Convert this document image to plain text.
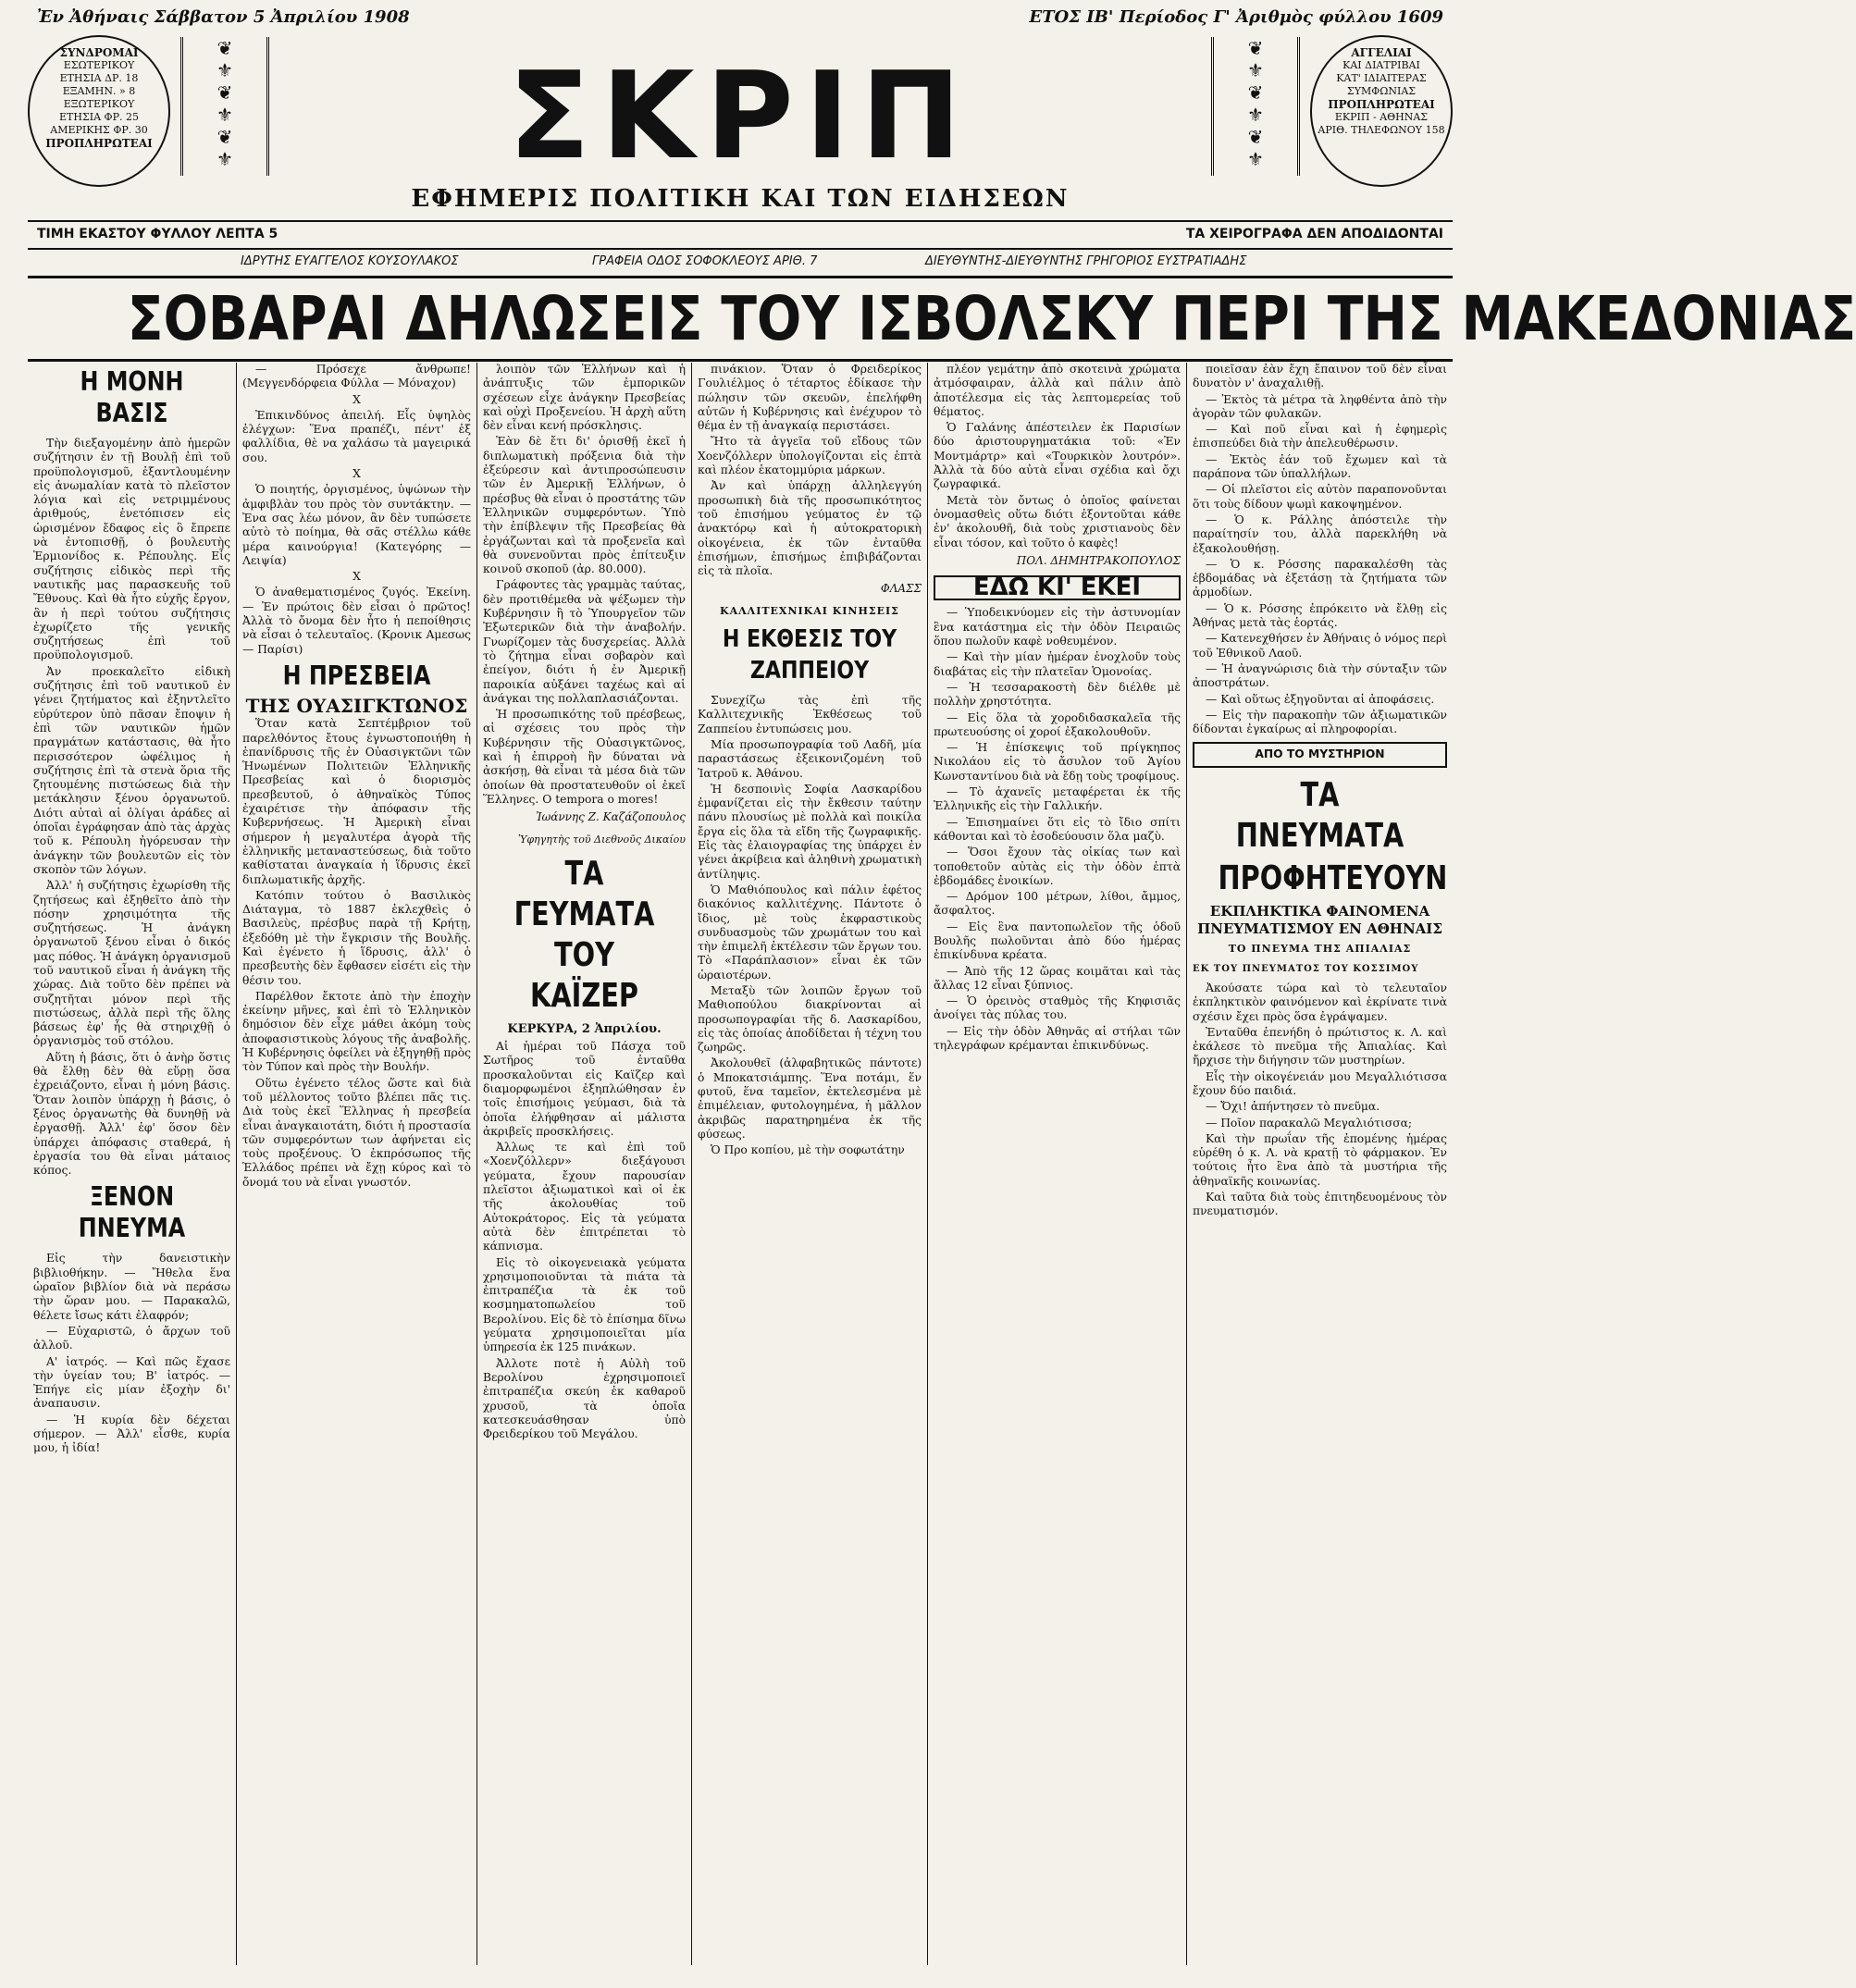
Ἐν Ἀθήναις Σάββατον 5 Ἀπριλίου 1908	ΕΤΟΣ ΙΒ' Περίοδος Γ' Ἀριθμὸς φύλλου 1609
ΣΥΝΔΡΟΜΑΙ
ΕΣΩΤΕΡΙΚΟΥ
ΕΤΗΣΙΑ ΔΡ. 18
ΕΞΑΜΗΝ. » 8
ΕΞΩΤΕΡΙΚΟΥ
ΕΤΗΣΙΑ ΦΡ. 25
ΑΜΕΡΙΚΗΣ ΦΡ. 30
ΠΡΟΠΛΗΡΩΤΕΑΙ
❦
⚜
❦
⚜
❦
⚜
❦
⚜
❦
⚜
❦
⚜
ΑΓΓΕΛΙΑΙ
ΚΑΙ ΔΙΑΤΡΙΒΑΙ
ΚΑΤ' ΙΔΙΑΙΤΕΡΑΣ
ΣΥΜΦΩΝΙΑΣ
ΠΡΟΠΛΗΡΩΤΕΑΙ
ΕΚΡΙΠ - ΑΘΗΝΑΣ
ΑΡΙΘ. ΤΗΛΕΦΩΝΟΥ 158
ΣΚΡΙΠ
ΕΦΗΜΕΡΙΣ ΠΟΛΙΤΙΚΗ ΚΑΙ ΤΩΝ ΕΙΔΗΣΕΩΝ
ΤΙΜΗ ΕΚΑΣΤΟΥ ΦΥΛΛΟΥ ΛΕΠΤΑ 5	ΤΑ ΧΕΙΡΟΓΡΑΦΑ ΔΕΝ ΑΠΟΔΙΔΟΝΤΑΙ
ΙΔΡΥΤΗΣ ΕΥΑΓΓΕΛΟΣ ΚΟΥΣΟΥΛΑΚΟΣ	ΓΡΑΦΕΙΑ ΟΔΟΣ ΣΟΦΟΚΛΕΟΥΣ ΑΡΙΘ. 7	ΔΙΕΥΘΥΝΤΗΣ-ΔΙΕΥΘΥΝΤΗΣ ΓΡΗΓΟΡΙΟΣ ΕΥΣΤΡΑΤΙΑΔΗΣ
ΣΟΒΑΡΑΙ ΔΗΛΩΣΕΙΣ ΤΟΥ ΙΣΒΟΛΣΚΥ ΠΕΡΙ ΤΗΣ ΜΑΚΕΔΟΝΙΑΣ
Η ΜΟΝΗ ΒΑΣΙΣ

Τὴν διεξαγομένην ἀπὸ ἡμερῶν συζήτησιν ἐν τῇ Βουλῇ ἐπὶ τοῦ προϋπολογισμοῦ, ἐξαντλουμένην εἰς ἀνωμαλίαν κατὰ τὸ πλεῖστον λόγια καὶ εἰς νετριμμένους ἀριθμούς, ἐνετόπισεν εἰς ὡρισμένον ἔδαφος εἰς ὃ ἔπρεπε νὰ ἐντοπισθῇ, ὁ βουλευτὴς Ἑρμιονίδος κ. Ρέπουλης. Εἷς συζήτησις εἰδικὸς περὶ τῆς ναυτικῆς μας παρασκευῆς τοῦ Ἔθνους. Καὶ θὰ ἦτο εὐχῆς ἔργον, ἂν ἡ περὶ τούτου συζήτησις ἐχωρίζετο τῆς γενικῆς συζητήσεως ἐπὶ τοῦ προϋπολογισμοῦ.

Ἀν προεκαλεῖτο εἰδικὴ συζήτησις ἐπὶ τοῦ ναυτικοῦ ἐν γένει ζητήματος καὶ ἐξηντλεῖτο εὐρύτερον ὑπὸ πᾶσαν ἔποψιν ἡ ἐπὶ τῶν ναυτικῶν ἡμῶν πραγμάτων κατάστασις, θὰ ἦτο περισσότερον ὠφέλιμος ἡ συζήτησις ἐπὶ τὰ στενὰ ὅρια τῆς ζητουμένης πιστώσεως διὰ τὴν μετάκλησιν ξένου ὀργανωτοῦ. Διότι αὐταὶ αἱ ὀλίγαι ἀράδες αἱ ὁποῖαι ἐγράφησαν ἀπὸ τὰς ἀρχὰς τοῦ κ. Ρέπουλη ἠγόρευσαν τὴν ἀνάγκην τῶν βουλευτῶν εἰς τὸν σκοπὸν τῶν λόγων.

Ἀλλ' ἡ συζήτησις ἐχωρίσθη τῆς ζητήσεως καὶ ἐξηθεῖτο ἀπὸ τὴν πόσην χρησιμότητα τῆς συζητήσεως. Ἡ ἀνάγκη ὀργανωτοῦ ξένου εἶναι ὁ δικός μας πόθος. Ἡ ἀνάγκη ὀργανισμοῦ τοῦ ναυτικοῦ εἶναι ἡ ἀνάγκη τῆς χώρας. Διὰ τοῦτο δὲν πρέπει νὰ συζητῆται μόνον περὶ τῆς πιστώσεως, ἀλλὰ περὶ τῆς ὅλης βάσεως ἐφ' ἧς θὰ στηριχθῇ ὁ ὀργανισμὸς τοῦ στόλου.

Αὕτη ἡ βάσις, ὅτι ὁ ἀνὴρ ὅστις θὰ ἔλθῃ δὲν θὰ εὕρῃ ὅσα ἐχρειάζοντο, εἶναι ἡ μόνη βάσις. Ὅταν λοιπὸν ὑπάρχῃ ἡ βάσις, ὁ ξένος ὀργανωτὴς θὰ δυνηθῇ νὰ ἐργασθῇ. Ἀλλ' ἐφ' ὅσον δὲν ὑπάρχει ἀπόφασις σταθερά, ἡ ἐργασία του θὰ εἶναι μάταιος κόπος.

ΞΕΝΟΝ ΠΝΕΥΜΑ

Εἰς τὴν δανειστικὴν βιβλιοθήκην. — Ἤθελα ἕνα ὡραῖον βιβλίον διὰ νὰ περάσω τὴν ὥραν μου. — Παρακαλῶ, θέλετε ἴσως κάτι ἐλαφρόν;

— Εὐχαριστῶ, ὁ ἄρχων τοῦ ἀλλοῦ.

Α' ἰατρός. — Καὶ πῶς ἔχασε τὴν ὑγείαν του; Β' ἰατρός. — Ἐπήγε εἰς μίαν ἐξοχὴν δι' ἀναπαυσιν.

— Ἡ κυρία δὲν δέχεται σήμερον. — Ἀλλ' εἶσθε, κυρία μου, ἡ ἰδία!

— Πρόσεχε ἄνθρωπε! (Μεγγενδόρφεια Φύλλα — Μόναχον)

X

Ἐπικινδύνος ἀπειλή. Εἷς ὑψηλὸς ἐλέγχων: Ἕνα πραπέζι, πέντ' ἐξ φαλλίδια, θὲ να χαλάσω τὰ μαγειρικά σου.

X

Ὁ ποιητής, ὀργισμένος, ὑψώνων τὴν ἀμφιβλὰν του πρὸς τὸν συντάκτην. — Ἐνα σας λέω μόνον, ἂν δὲν τυπώσετε αὐτὸ τὸ ποίημα, θὰ σᾶς στέλλω κάθε μέρα καινούργια! (Κατεγόρης — Λειψία)

X

Ὁ ἀναθεματισμένος ζυγός. Ἐκείνη. — Ἐν πρώτοις δὲν εἶσαι ὁ πρῶτος! Ἀλλὰ τὸ ὄνομα δὲν ἦτο ἡ πεποίθησις νὰ εἶσαι ὁ τελευταῖος. (Κρονικ Αμεσως — Παρίσι)

Η ΠΡΕΣΒΕΙΑ
ΤΗΣ ΟΥΑΣΙΓΚΤΩΝΟΣ

Ὅταν κατὰ Σεπτέμβριον τοῦ παρελθόντος ἔτους ἐγνωστοποιήθη ἡ ἐπανίδρυσις τῆς ἐν Οὐασιγκτῶνι τῶν Ἡνωμένων Πολιτειῶν Ἑλληνικῆς Πρεσβείας καὶ ὁ διορισμὸς πρεσβευτοῦ, ὁ ἀθηναϊκὸς Τύπος ἐχαιρέτισε τὴν ἀπόφασιν τῆς Κυβερνήσεως. Ἡ Ἀμερικὴ εἶναι σήμερον ἡ μεγαλυτέρα ἀγορὰ τῆς ἑλληνικῆς μεταναστεύσεως, διὰ τοῦτο καθίσταται ἀναγκαία ἡ ἵδρυσις ἐκεῖ διπλωματικῆς ἀρχῆς.

Κατόπιν τούτου ὁ Βασιλικὸς Διάταγμα, τὸ 1887 ἐκλεχθεὶς ὁ Βασιλεὺς, πρέσβυς παρὰ τῇ Κρήτῃ, ἐξεδόθη μὲ τὴν ἔγκρισιν τῆς Βουλῆς. Καὶ ἐγένετο ἡ ἵδρυσις, ἀλλ' ὁ πρεσβευτὴς δὲν ἔφθασεν εἰσέτι εἰς τὴν θέσιν του.

Παρέλθον ἔκτοτε ἀπὸ τὴν ἐποχὴν ἐκείνην μῆνες, καὶ ἐπὶ τὸ Ἑλληνικὸν δημόσιον δὲν εἶχε μάθει ἀκόμη τοὺς ἀποφασιστικοὺς λόγους τῆς ἀναβολῆς. Ἡ Κυβέρνησις ὀφείλει νὰ ἐξηγηθῇ πρὸς τὸν Τύπον καὶ πρὸς τὴν Βουλήν.

Οὕτω ἐγένετο τέλος ὥστε καὶ διὰ τοῦ μέλλοντος τοῦτο βλέπει πᾶς τις. Διὰ τοὺς ἐκεῖ Ἕλληνας ἡ πρεσβεία εἶναι ἀναγκαιοτάτη, διότι ἡ προστασία τῶν συμφερόντων των ἀφήνεται εἰς τοὺς προξένους. Ὁ ἐκπρόσωπος τῆς Ἑλλάδος πρέπει νὰ ἔχῃ κύρος καὶ τὸ ὄνομά του νὰ εἶναι γνωστόν.

λοιπὸν τῶν Ἑλλήνων καὶ ἡ ἀνάπτυξις τῶν ἐμπορικῶν σχέσεων εἶχε ἀνάγκην Πρεσβείας καὶ οὐχὶ Προξενείου. Ἡ ἀρχὴ αὕτη δὲν εἶναι κενή πρόσκλησις.

Ἐὰν δὲ ἔτι δι' ὁρισθῇ ἐκεῖ ἡ διπλωματικὴ πρόξενια διὰ τὴν ἐξεύρεσιν καὶ ἀντιπροσώπευσιν τῶν ἐν Ἀμερικῇ Ἑλλήνων, ὁ πρέσβυς θὰ εἶναι ὁ προστάτης τῶν Ἑλληνικῶν συμφερόντων. Ὑπὸ τὴν ἐπίβλεψιν τῆς Πρεσβείας θὰ ἐργάζωνται καὶ τὰ προξενεῖα καὶ θὰ συνενοῦνται πρὸς ἐπίτευξιν κοινοῦ σκοποῦ (ἀρ. 80.000).

Γράφοντες τὰς γραμμὰς ταύτας, δὲν προτιθέμεθα νὰ ψέξωμεν τὴν Κυβέρνησιν ἢ τὸ Ὑπουργεῖον τῶν Ἐξωτερικῶν διὰ τὴν ἀναβολήν. Γνωρίζομεν τὰς δυσχερείας. Ἀλλὰ τὸ ζήτημα εἶναι σοβαρὸν καὶ ἐπείγον, διότι ἡ ἐν Ἀμερικῇ παροικία αὐξάνει ταχέως καὶ αἱ ἀνάγκαι της πολλαπλασιάζονται.

Ἡ προσωπικότης τοῦ πρέσβεως, αἱ σχέσεις του πρὸς τὴν Κυβέρνησιν τῆς Οὐασιγκτῶνος, καὶ ἡ ἐπιρροὴ ἣν δύναται νὰ ἀσκήσῃ, θὰ εἶναι τὰ μέσα διὰ τῶν ὁποίων θὰ προστατευθοῦν οἱ ἐκεῖ Ἕλληνες. O tempora o mores!

Ἰωάννης Ζ. Καζάζοπουλος
Ὑφηγητὴς τοῦ Διεθνοῦς Δικαίου
ΤΑ ΓΕΥΜΑΤΑ
ΤΟΥ ΚΑΪΖΕΡ
ΚΕΡΚΥΡΑ, 2 Ἀπριλίου.

Αἱ ἡμέραι τοῦ Πάσχα τοῦ Σωτῆρος τοῦ ἐνταῦθα προσκαλοῦνται εἰς Καϊζερ καὶ διαμορφωμένοι ἐξηπλώθησαν ἐν τοῖς ἐπισήμοις γεύμασι, διὰ τὰ ὁποῖα ἐλήφθησαν αἱ μάλιστα ἀκριβεῖς προσκλήσεις.

Ἀλλως τε καὶ ἐπὶ τοῦ «Χοενζόλλερν» διεξάγουσι γεύματα, ἔχουν παρουσίαν πλεῖστοι ἀξιωματικοὶ καὶ οἱ ἐκ τῆς ἀκολουθίας τοῦ Αὐτοκράτορος. Εἰς τὰ γεύματα αὐτὰ δὲν ἐπιτρέπεται τὸ κάπνισμα.

Εἰς τὸ οἰκογενειακὰ γεύματα χρησιμοποιοῦνται τὰ πιάτα τὰ ἐπιτραπέζια τὰ ἐκ τοῦ κοσμηματοπωλείου τοῦ Βερολίνου. Εἰς δὲ τὸ ἐπίσημα δῖνω γεύματα χρησιμοποιεῖται μία ὑπηρεσία ἐκ 125 πινάκων.

Ἀλλοτε ποτὲ ἡ Αὐλὴ τοῦ Βερολίνου ἐχρησιμοποιεῖ ἐπιτραπέζια σκεύη ἐκ καθαροῦ χρυσοῦ, τὰ ὁποῖα κατεσκευάσθησαν ὑπὸ Φρειδερίκου τοῦ Μεγάλου.

πινάκιον. Ὅταν ὁ Φρειδερίκος Γουλιέλμος ὁ τέταρτος ἐδίκασε τὴν πώλησιν τῶν σκευῶν, ἐπελήφθη αὐτῶν ἡ Κυβέρνησις καὶ ἐνέχυρον τὸ θέμα ἐν τῇ ἀναγκαίᾳ περιστάσει.

Ἤτο τὰ ἀγγεῖα τοῦ εἴδους τῶν Χοενζόλλερν ὑπολογίζονται εἰς ἑπτὰ καὶ πλέον ἑκατομμύρια μάρκων.

Ἀν καὶ ὑπάρχῃ ἀλληλεγγύη προσωπικὴ διὰ τῆς προσωπικότητος τοῦ ἐπισήμου γεύματος ἐν τῷ ἀνακτόρῳ καὶ ἡ αὐτοκρατορικὴ οἰκογένεια, ἐκ τῶν ἐνταῦθα ἐπισήμων, ἐπισήμως ἐπιβιβάζονται εἰς τὰ πλοῖα.

ΦΛΑΣΣ
ΚΑΛΛΙΤΕΧΝΙΚΑΙ ΚΙΝΗΣΕΙΣ
Η ΕΚΘΕΣΙΣ ΤΟΥ ΖΑΠΠΕΙΟΥ

Συνεχίζω τὰς ἐπὶ τῆς Καλλιτεχνικῆς Ἐκθέσεως τοῦ Ζαππείου ἐντυπώσεις μου.

Μία προσωπογραφία τοῦ Λαδῆ, μία παραστάσεως ἐξεικονιζομένη τοῦ Ἰατροῦ κ. Ἀθάνου.

Ἡ δεσποινὶς Σοφία Λασκαρίδου ἐμφανίζεται εἰς τὴν ἔκθεσιν ταύτην πάνυ πλουσίως μὲ πολλὰ καὶ ποικίλα ἔργα εἰς ὅλα τὰ εἴδη τῆς ζωγραφικῆς. Εἰς τὰς ἐλαιογραφίας της ὑπάρχει ἐν γένει ἀκρίβεια καὶ ἀληθινὴ χρωματικὴ ἀντίληψις.

Ὁ Μαθιόπουλος καὶ πάλιν ἐφέτος διακόνιος καλλιτέχνης. Πάντοτε ὁ ἴδιος, μὲ τοὺς ἐκφραστικοὺς συνδυασμοὺς τῶν χρωμάτων του καὶ τὴν ἐπιμελῆ ἐκτέλεσιν τῶν ἔργων του. Τὸ «Παράπλασιον» εἶναι ἐκ τῶν ὡραιοτέρων.

Μεταξὺ τῶν λοιπῶν ἔργων τοῦ Μαθιοπούλου διακρίνονται αἱ προσωπογραφίαι τῆς δ. Λασκαρίδου, εἰς τὰς ὁποίας ἀποδίδεται ἡ τέχνη του ζωηρῶς.

Ἀκολουθεῖ (ἀλφαβητικῶς πάντοτε) ὁ Μποκατσιάμπης. Ἕνα ποτάμι, ἕν φυτοῦ, ἕνα ταμεῖον, ἐκτελεσμένα μὲ ἐπιμέλειαν, φυτολογημένα, ἡ μᾶλλον ἀκριβῶς παρατηρημένα ἐκ τῆς φύσεως.

Ὁ Προ κοπίου, μὲ τὴν σοφωτάτην

πλέον γεμάτην ἀπὸ σκοτεινὰ χρώματα ἀτμόσφαιραν, ἀλλὰ καὶ πάλιν ἀπὸ ἀποτέλεσμα εἰς τὰς λεπτομερείας τοῦ θέματος.

Ὁ Γαλάνης ἀπέστειλεν ἐκ Παρισίων δύο ἀριστουργηματάκια τοῦ: «Ἐν Μοντμάρτρ» καὶ «Τουρκικὸν λουτρόν». Ἀλλὰ τὰ δύο αὐτὰ εἶναι σχέδια καὶ ὄχι ζωγραφικά.

Μετὰ τὸν ὄντως ὁ ὁποῖος φαίνεται ὀνομασθεὶς οὕτω διότι ἐξοντοῦται κάθε ἐν' ἀκολουθῆ, διὰ τοὺς χριστιανοὺς δὲν εἶναι τόσον, καὶ τοῦτο ὁ καφὲς!

ΠΟΛ. ΔΗΜΗΤΡΑΚΟΠΟΥΛΟΣ
ΕΔΩ ΚΙ' ΕΚΕΙ

— Ὑποδεικνύομεν εἰς τὴν ἀστυνομίαν ἓνα κατάστημα εἰς τὴν ὁδὸν Πειραιῶς ὅπου πωλοῦν καφὲ νοθευμένον.

— Καὶ τὴν μίαν ἡμέραν ἐνοχλοῦν τοὺς διαβάτας εἰς τὴν πλατεῖαν Ὁμονοίας.

— Ἡ τεσσαρακοστὴ δὲν διέλθε μὲ πολλὴν χρηστότητα.

— Εἰς ὅλα τὰ χοροδιδασκαλεῖα τῆς πρωτευούσης οἱ χοροί ἐξακολουθοῦν.

— Ἡ ἐπίσκεψις τοῦ πρίγκηπος Νικολάου εἰς τὸ ἄσυλον τοῦ Ἁγίου Κωνσταντίνου διὰ νὰ ἔδῃ τοὺς τροφίμους.

— Τὸ ἀχανεῖς μεταφέρεται ἐκ τῆς Ἑλληνικῆς εἰς τὴν Γαλλικήν.

— Ἐπισημαίνει ὅτι εἰς τὸ ἴδιο σπίτι κάθονται καὶ τὸ ἐσοδεύουσιν ὅλα μαζὺ.

— Ὅσοι ἔχουν τὰς οἰκίας των καὶ τοποθετοῦν αὐτὰς εἰς τὴν ὁδὸν ἑπτὰ ἐβδομάδες ἐνοικίων.

— Δρόμον 100 μέτρων, λίθοι, ἄμμος, ἄσφαλτος.

— Εἰς ἓνα παντοπωλεῖον τῆς ὁδοῦ Βουλῆς πωλοῦνται ἀπὸ δύο ἡμέρας ἐπικίνδυνα κρέατα.

— Ἀπὸ τῆς 12 ὥρας κοιμᾶται καὶ τὰς ἄλλας 12 εἶναι ξύπνιος.

— Ὁ ὀρεινὸς σταθμὸς τῆς Κηφισιᾶς ἀνοίγει τὰς πύλας του.

— Εἰς τὴν ὁδὸν Ἀθηνᾶς αἱ στήλαι τῶν τηλεγράφων κρέμανται ἐπικινδύνως.

ποιεῖσαν ἐὰν ἔχη ἔπαινον τοῦ δὲν εἶναι δυνατὸν ν' ἀναχαλιθῇ.

— Ἐκτὸς τὰ μέτρα τὰ ληφθέντα ἀπὸ τὴν ἀγορὰν τῶν φυλακῶν.

— Καὶ ποῦ εἶναι καὶ ἡ ἐφημερὶς ἐπισπεύδει διὰ τὴν ἀπελευθέρωσιν.

— Ἐκτὸς ἐάν τοῦ ἔχωμεν καὶ τὰ παράπονα τῶν ὑπαλλήλων.

— Οἱ πλεῖστοι εἰς αὐτὸν παραπονοῦνται ὅτι τοὺς δίδουν ψωμὶ κακοψημένον.

— Ὁ κ. Ράλλης ἀπόστειλε τὴν παραίτησίν του, ἀλλὰ παρεκλήθη νὰ ἐξακολουθήσῃ.

— Ὁ κ. Ρόσσης παρακαλέσθη τὰς ἑβδομάδας νὰ ἐξετάσῃ τὰ ζητήματα τῶν ἀρμοδίων.

— Ὁ κ. Ρόσσης ἐπρόκειτο νὰ ἔλθῃ εἰς Ἀθήνας μετὰ τὰς ἑορτάς.

— Κατενεχθήσεν ἐν Ἀθήναις ὁ νόμος περὶ τοῦ Ἐθνικοῦ Λαοῦ.

— Ἡ ἀναγνώρισις διὰ τὴν σύνταξιν τῶν ἀποστράτων.

— Καὶ οὕτως ἐξηγοῦνται αἱ ἀποφάσεις.

— Εἰς τὴν παρακοπὴν τῶν ἀξιωματικῶν δίδονται ἐγκαίρως αἱ πληροφορίαι.

ΑΠΟ ΤΟ ΜΥΣΤΗΡΙΟΝ
ΤΑ ΠΝΕΥΜΑΤΑ
ΠΡΟΦΗΤΕΥΟΥΝ
ΕΚΠΛΗΚΤΙΚΑ ΦΑΙΝΟΜΕΝΑ
ΠΝΕΥΜΑΤΙΣΜΟΥ ΕΝ ΑΘΗΝΑΙΣ
ΤΟ ΠΝΕΥΜΑ ΤΗΣ ΑΠΙΑΛΙΑΣ
ΕΚ ΤΟΥ ΠΝΕΥΜΑΤΟΣ ΤΟΥ ΚΟΣΣΙΜΟΥ

Ἀκούσατε τώρα καὶ τὸ τελευταῖον ἐκπληκτικὸν φαινόμενον καὶ ἐκρίνατε τινὰ σχέσιν ἔχει πρὸς ὅσα ἐγράψαμεν.

Ἐνταῦθα ἐπενήδη ὁ πρώτιστος κ. Λ. καὶ ἐκάλεσε τὸ πνεῦμα τῆς Ἀπιαλίας. Καὶ ἤρχισε τὴν διήγησιν τῶν μυστηρίων.

Εἷς τὴν οἰκογένειάν μου Μεγαλλιότισσα ἔχουν δύο παιδιά.

— Ὄχι! ἀπήντησεν τὸ πνεῦμα.

— Ποῖον παρακαλῶ Μεγαλιότισσα;

Καὶ τὴν πρωΐαν τῆς ἐπομένης ἡμέρας εὑρέθη ὁ κ. Λ. νὰ κρατῇ τὸ φάρμακον. Ἐν τούτοις ἦτο ἓνα ἀπὸ τὰ μυστήρια τῆς ἀθηναϊκῆς κοινωνίας.

Καὶ ταῦτα διὰ τοὺς ἐπιτηδευομένους τὸν πνευματισμόν.
